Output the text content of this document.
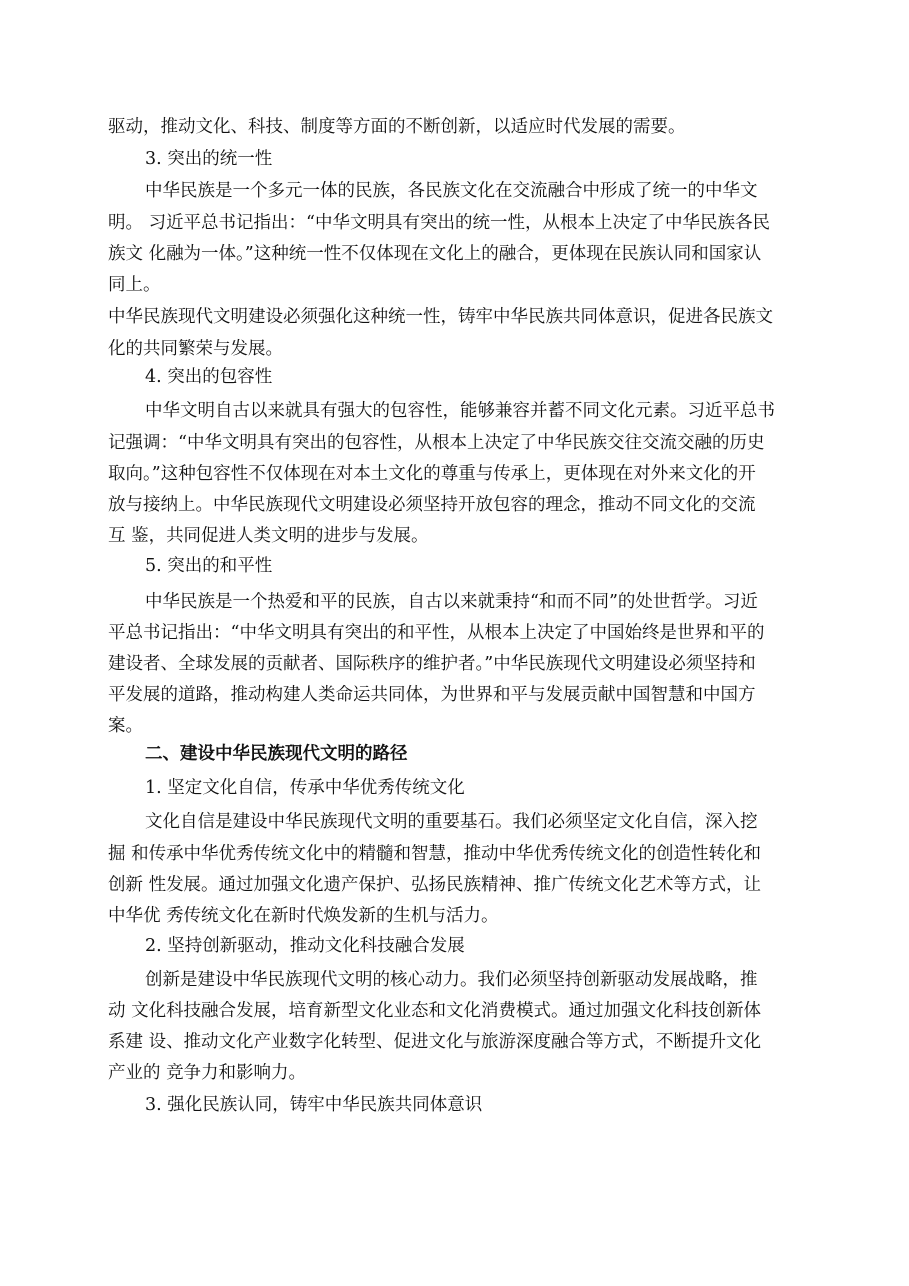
驱动，推动文化、科技、制度等方面的不断创新，以适应时代发展的需要。

3. 突出的统一性

中华民族是一个多元一体的民族，各民族文化在交流融合中形成了统一的中华文

明。 习近平总书记指出：“中华文明具有突出的统一性，从根本上决定了中华民族各民

族文 化融为一体。”这种统一性不仅体现在文化上的融合，更体现在民族认同和国家认

同上。

中华民族现代文明建设必须强化这种统一性，铸牢中华民族共同体意识，促进各民族文

化的共同繁荣与发展。

4. 突出的包容性

中华文明自古以来就具有强大的包容性，能够兼容并蓄不同文化元素。习近平总书

记强调：“中华文明具有突出的包容性，从根本上决定了中华民族交往交流交融的历史

取向。”这种包容性不仅体现在对本土文化的尊重与传承上，更体现在对外来文化的开

放与接纳上。中华民族现代文明建设必须坚持开放包容的理念，推动不同文化的交流

互 鉴，共同促进人类文明的进步与发展。

5. 突出的和平性

中华民族是一个热爱和平的民族，自古以来就秉持“和而不同”的处世哲学。习近

平总书记指出：“中华文明具有突出的和平性，从根本上决定了中国始终是世界和平的

建设者、全球发展的贡献者、国际秩序的维护者。”中华民族现代文明建设必须坚持和

平发展的道路，推动构建人类命运共同体，为世界和平与发展贡献中国智慧和中国方

案。

二、建设中华民族现代文明的路径

1. 坚定文化自信，传承中华优秀传统文化

文化自信是建设中华民族现代文明的重要基石。我们必须坚定文化自信，深入挖

掘 和传承中华优秀传统文化中的精髓和智慧，推动中华优秀传统文化的创造性转化和

创新 性发展。通过加强文化遗产保护、弘扬民族精神、推广传统文化艺术等方式，让

中华优 秀传统文化在新时代焕发新的生机与活力。

2. 坚持创新驱动，推动文化科技融合发展

创新是建设中华民族现代文明的核心动力。我们必须坚持创新驱动发展战略，推

动 文化科技融合发展，培育新型文化业态和文化消费模式。通过加强文化科技创新体

系建 设、推动文化产业数字化转型、促进文化与旅游深度融合等方式，不断提升文化

产业的 竞争力和影响力。

3. 强化民族认同，铸牢中华民族共同体意识
